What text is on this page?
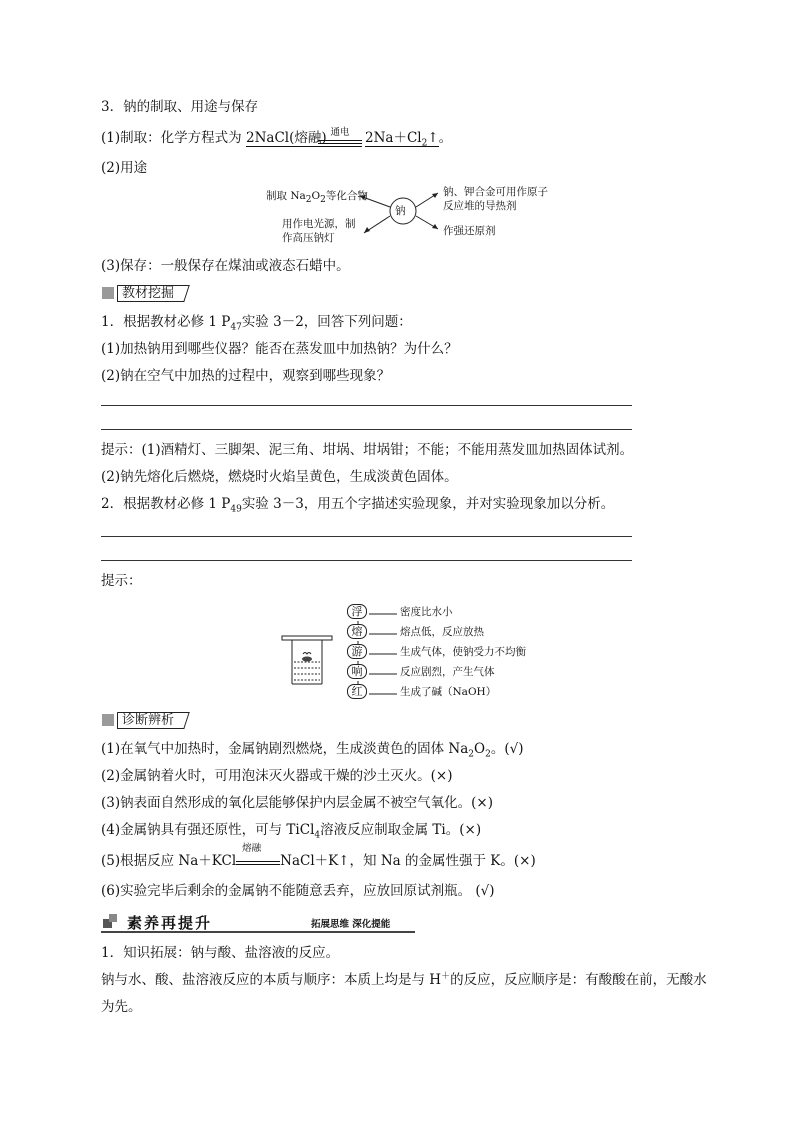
3．钠的制取、用途与保存
(1)制取：化学方程式为 2NaCl(熔融) 通电	$2Na+Cl_2↑$。
(2)用途
钠
制取 $Na_2O_2$等化合物
用作电光源，制
作高压钠灯
钠、钾合金可用作原子
反应堆的导热剂
作强还原剂
(3)保存：一般保存在煤油或液态石蜡中。
教材挖掘
1．根据教材必修 1 $P_{47}$实验 3－2，回答下列问题：
(1)加热钠用到哪些仪器？能否在蒸发皿中加热钠？为什么？
(2)钠在空气中加热的过程中，观察到哪些现象？
提示：(1)酒精灯、三脚架、泥三角、坩埚、坩埚钳；不能；不能用蒸发皿加热固体试剂。
(2)钠先熔化后燃烧，燃烧时火焰呈黄色，生成淡黄色固体。
2．根据教材必修 1 $P_{49}$实验 3－3，用五个字描述实验现象，并对实验现象加以分析。
提示：
浮
熔
游
响
红
密度比水小
熔点低，反应放热
生成气体，使钠受力不均衡
反应剧烈，产生气体
生成了碱（NaOH）
诊断辨析
(1)在氧气中加热时，金属钠剧烈燃烧，生成淡黄色的固体 $Na_2O_2$。(√)
(2)金属钠着火时，可用泡沫灭火器或干燥的沙土灭火。(×)
(3)钠表面自然形成的氧化层能够保护内层金属不被空气氧化。(×)
(4)金属钠具有强还原性，可与 TiCl$_4$溶液反应制取金属 Ti。(×)
(5)根据反应 Na＋KCl
熔融
NaCl＋K↑，知 Na 的金属性强于 K。(×)
(6)实验完毕后剩余的金属钠不能随意丢弃，应放回原试剂瓶。 (√)
素养再提升	拓展思维 深化提能
1．知识拓展：钠与酸、盐溶液的反应。
钠与水、酸、盐溶液反应的本质与顺序：本质上均是与 H＋的反应，反应顺序是：有酸酸在前，无酸水
为先。
